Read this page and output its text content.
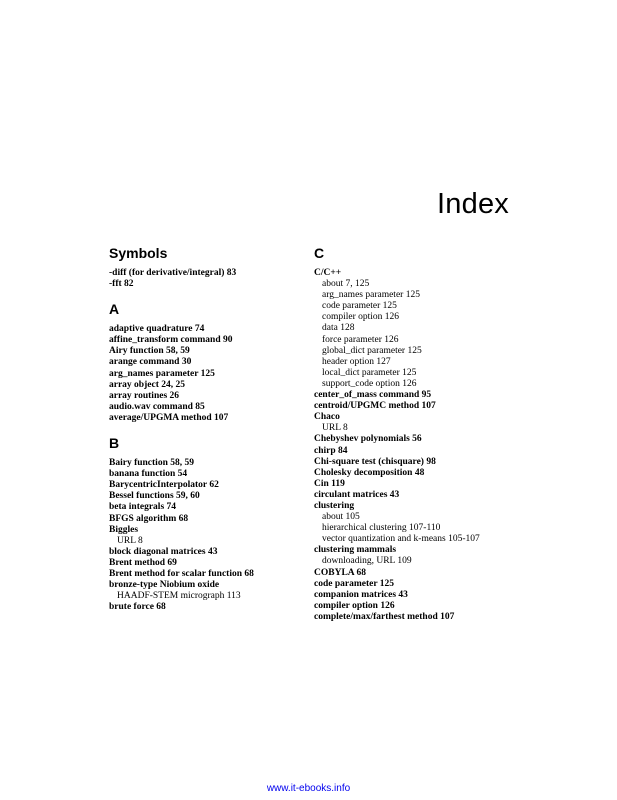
Index
Symbols
-diff (for derivative/integral) 83
-fft 82
A
adaptive quadrature 74
affine_transform command 90
Airy function 58, 59
arange command 30
arg_names parameter 125
array object 24, 25
array routines 26
audio.wav command 85
average/UPGMA method 107
B
Bairy function 58, 59
banana function 54
BarycentricInterpolator 62
Bessel functions 59, 60
beta integrals 74
BFGS algorithm 68
Biggles
URL 8
block diagonal matrices 43
Brent method 69
Brent method for scalar function 68
bronze-type Niobium oxide
HAADF-STEM micrograph 113
brute force 68
C
C/C++
about 7, 125
arg_names parameter 125
code parameter 125
compiler option 126
data 128
force parameter 126
global_dict parameter 125
header option 127
local_dict parameter 125
support_code option 126
center_of_mass command 95
centroid/UPGMC method 107
Chaco
URL 8
Chebyshev polynomials 56
chirp 84
Chi-square test (chisquare) 98
Cholesky decomposition 48
Cin 119
circulant matrices 43
clustering
about 105
hierarchical clustering 107-110
vector quantization and k-means 105-107
clustering mammals
downloading, URL 109
COBYLA 68
code parameter 125
companion matrices 43
compiler option 126
complete/max/farthest method 107
www.it-ebooks.info
